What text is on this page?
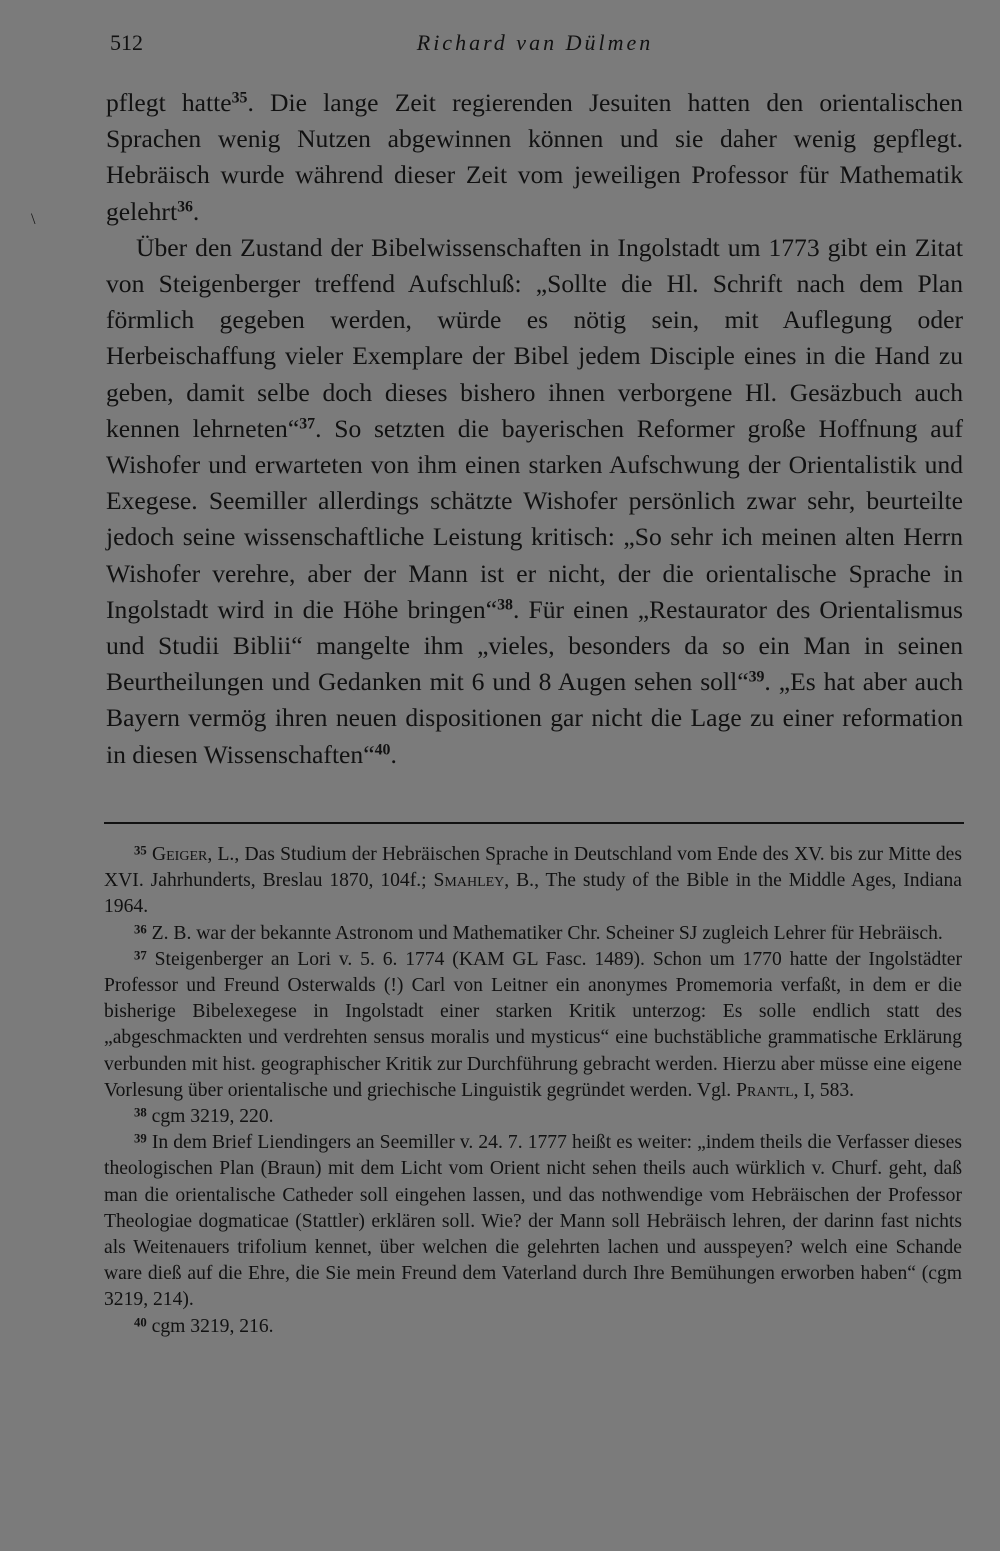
\
512	Richard van Dülmen

pflegt hatte$^{35}$. Die lange Zeit regierenden Jesuiten hatten den orientalischen Sprachen wenig Nutzen abgewinnen können und sie daher wenig gepflegt. Hebräisch wurde während dieser Zeit vom jeweiligen Professor für Mathematik gelehrt$^{36}$.

Über den Zustand der Bibelwissenschaften in Ingolstadt um 1773 gibt ein Zitat von Steigenberger treffend Aufschluß: „Sollte die Hl. Schrift nach dem Plan förmlich gegeben werden, würde es nötig sein, mit Auflegung oder Herbeischaffung vieler Exemplare der Bibel jedem Disciple eines in die Hand zu geben, damit selbe doch dieses bishero ihnen verborgene Hl. Gesäzbuch auch kennen lehrneten“$^{37}$. So setzten die bayerischen Reformer große Hoffnung auf Wishofer und erwarteten von ihm einen starken Aufschwung der Orientalistik und Exegese. Seemiller allerdings schätzte Wishofer persönlich zwar sehr, beurteilte jedoch seine wissenschaftliche Leistung kritisch: „So sehr ich meinen alten Herrn Wishofer verehre, aber der Mann ist er nicht, der die orientalische Sprache in Ingolstadt wird in die Höhe bringen“$^{38}$. Für einen „Restaurator des Orientalismus und Studii Biblii“ mangelte ihm „vieles, besonders da so ein Man in seinen Beurtheilungen und Gedanken mit 6 und 8 Augen sehen soll“$^{39}$. „Es hat aber auch Bayern vermög ihren neuen dispositionen gar nicht die Lage zu einer reformation in diesen Wissenschaften“$^{40}$.

$^{35}$ Geiger, L., Das Studium der Hebräischen Sprache in Deutschland vom Ende des XV. bis zur Mitte des XVI. Jahrhunderts, Breslau 1870, 104f.; Smahley, B., The study of the Bible in the Middle Ages, Indiana 1964.

$^{36}$ Z. B. war der bekannte Astronom und Mathematiker Chr. Scheiner SJ zugleich Lehrer für Hebräisch.

$^{37}$ Steigenberger an Lori v. 5. 6. 1774 (KAM GL Fasc. 1489). Schon um 1770 hatte der Ingolstädter Professor und Freund Osterwalds (!) Carl von Leitner ein anonymes Promemoria verfaßt, in dem er die bisherige Bibelexegese in Ingolstadt einer starken Kritik unterzog: Es solle endlich statt des „abgeschmackten und verdrehten sensus moralis und mysticus“ eine buchstäbliche grammatische Erklärung verbunden mit hist. geographischer Kritik zur Durchführung gebracht werden. Hierzu aber müsse eine eigene Vorlesung über orientalische und griechische Linguistik gegründet werden. Vgl. Prantl, I, 583.

$^{38}$ cgm 3219, 220.

$^{39}$ In dem Brief Liendingers an Seemiller v. 24. 7. 1777 heißt es weiter: „indem theils die Verfasser dieses theologischen Plan (Braun) mit dem Licht vom Orient nicht sehen theils auch würklich v. Churf. geht, daß man die orientalische Catheder soll eingehen lassen, und das nothwendige vom Hebräischen der Professor Theologiae dogmaticae (Stattler) erklären soll. Wie? der Mann soll Hebräisch lehren, der darinn fast nichts als Weitenauers trifolium kennet, über welchen die gelehrten lachen und ausspeyen? welch eine Schande ware dieß auf die Ehre, die Sie mein Freund dem Vaterland durch Ihre Bemühungen erworben haben“ (cgm 3219, 214).

$^{40}$ cgm 3219, 216.
